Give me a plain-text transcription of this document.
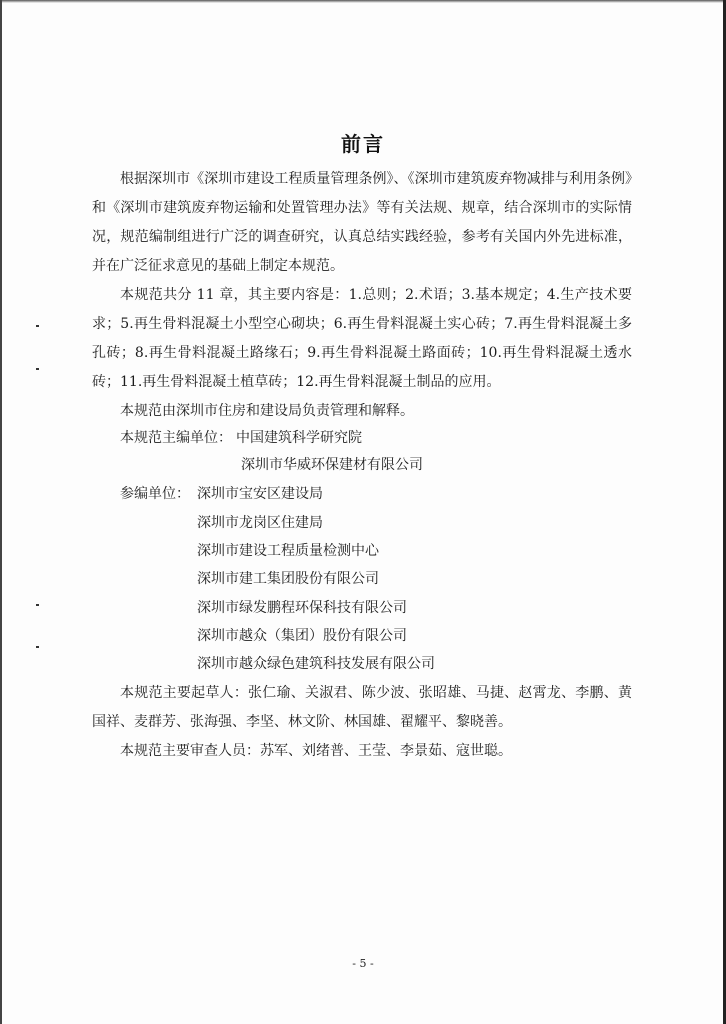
前言
根据深圳市《深圳市建设工程质量管理条例》、《深圳市建筑废弃物减排与利用条例》和《深圳市建筑废弃物运输和处置管理办法》等有关法规、规章，结合深圳市的实际情况，规范编制组进行广泛的调查研究，认真总结实践经验，参考有关国内外先进标准，并在广泛征求意见的基础上制定本规范。
本规范共分 11 章，其主要内容是：1.总则；2.术语；3.基本规定；4.生产技术要求；5.再生骨料混凝土小型空心砌块；6.再生骨料混凝土实心砖；7.再生骨料混凝土多孔砖；8.再生骨料混凝土路缘石；9.再生骨料混凝土路面砖；10.再生骨料混凝土透水砖；11.再生骨料混凝土植草砖；12.再生骨料混凝土制品的应用。
本规范由深圳市住房和建设局负责管理和解释。
本规范主编单位： 中国建筑科学研究院
深圳市华威环保建材有限公司
参编单位： 深圳市宝安区建设局
深圳市龙岗区住建局
深圳市建设工程质量检测中心
深圳市建工集团股份有限公司
深圳市绿发鹏程环保科技有限公司
深圳市越众（集团）股份有限公司
深圳市越众绿色建筑科技发展有限公司
本规范主要起草人：张仁瑜、关淑君、陈少波、张昭雄、马捷、赵霄龙、李鹏、黄国祥、麦群芳、张海强、李坚、林文阶、林国雄、翟耀平、黎晓善。
本规范主要审查人员：苏军、刘绪普、王莹、李景茹、寇世聪。
- 5 -
